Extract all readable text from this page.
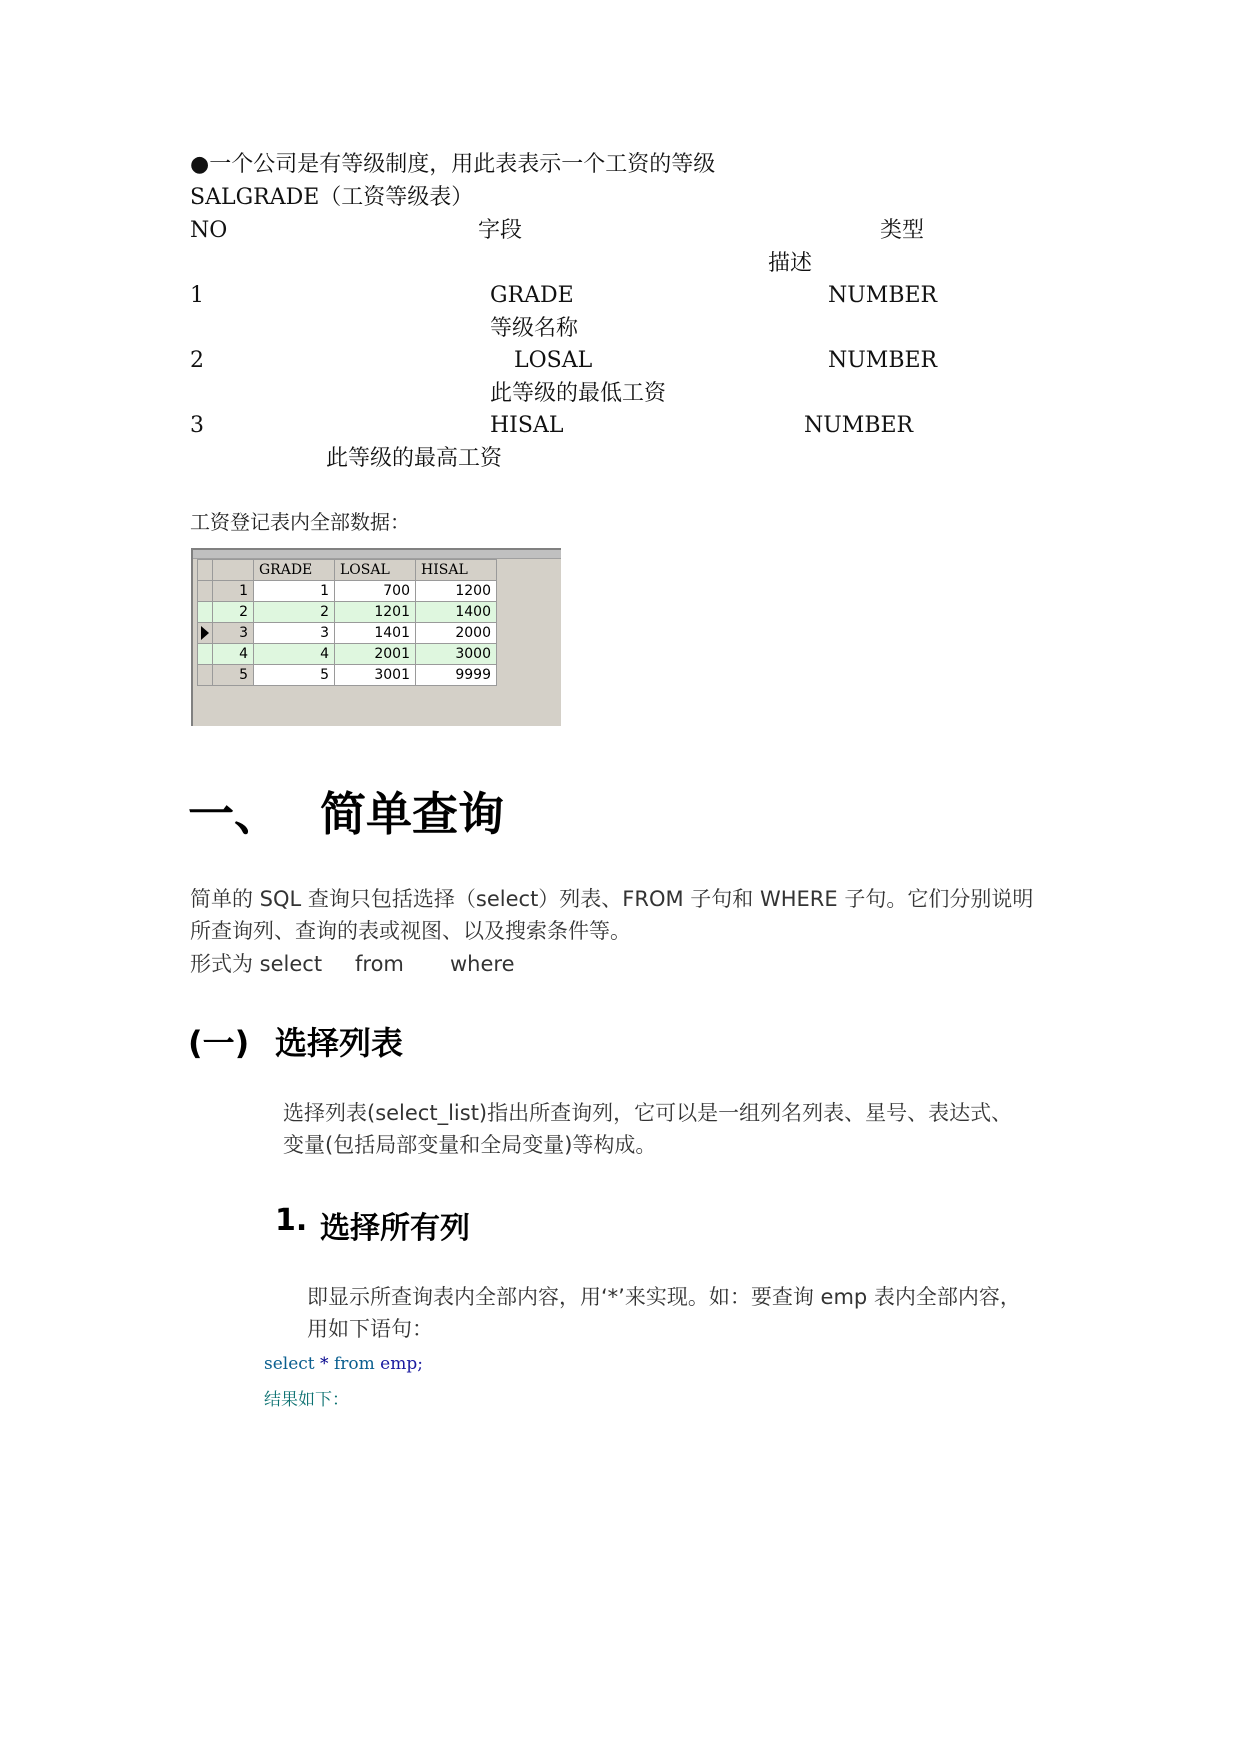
●一个公司是有等级制度，用此表表示一个工资的等级
SALGRADE（工资等级表）
NO	字段	类型
描述
1	GRADE	NUMBER
等级名称
2	LOSAL	NUMBER
此等级的最低工资
3	HISAL	NUMBER
此等级的最高工资
工资登记表内全部数据：
		GRADE	LOSAL	HISAL
	1	1	700	1200
	2	2	1201	1400
	3	3	1401	2000
	4	4	2001	3000
	5	5	3001	9999
一、 简单查询
简单的 SQL 查询只包括选择（select）列表、FROM 子句和 WHERE 子句。它们分别说明
所查询列、查询的表或视图、以及搜索条件等。
形式为 select from where
(一) 选择列表
选择列表(select_list)指出所查询列，它可以是一组列名列表、星号、表达式、
变量(包括局部变量和全局变量)等构成。
1. 选择所有列
即显示所查询表内全部内容，用‘*’来实现。如：要查询 emp 表内全部内容，
用如下语句：
select * from emp;
结果如下：
